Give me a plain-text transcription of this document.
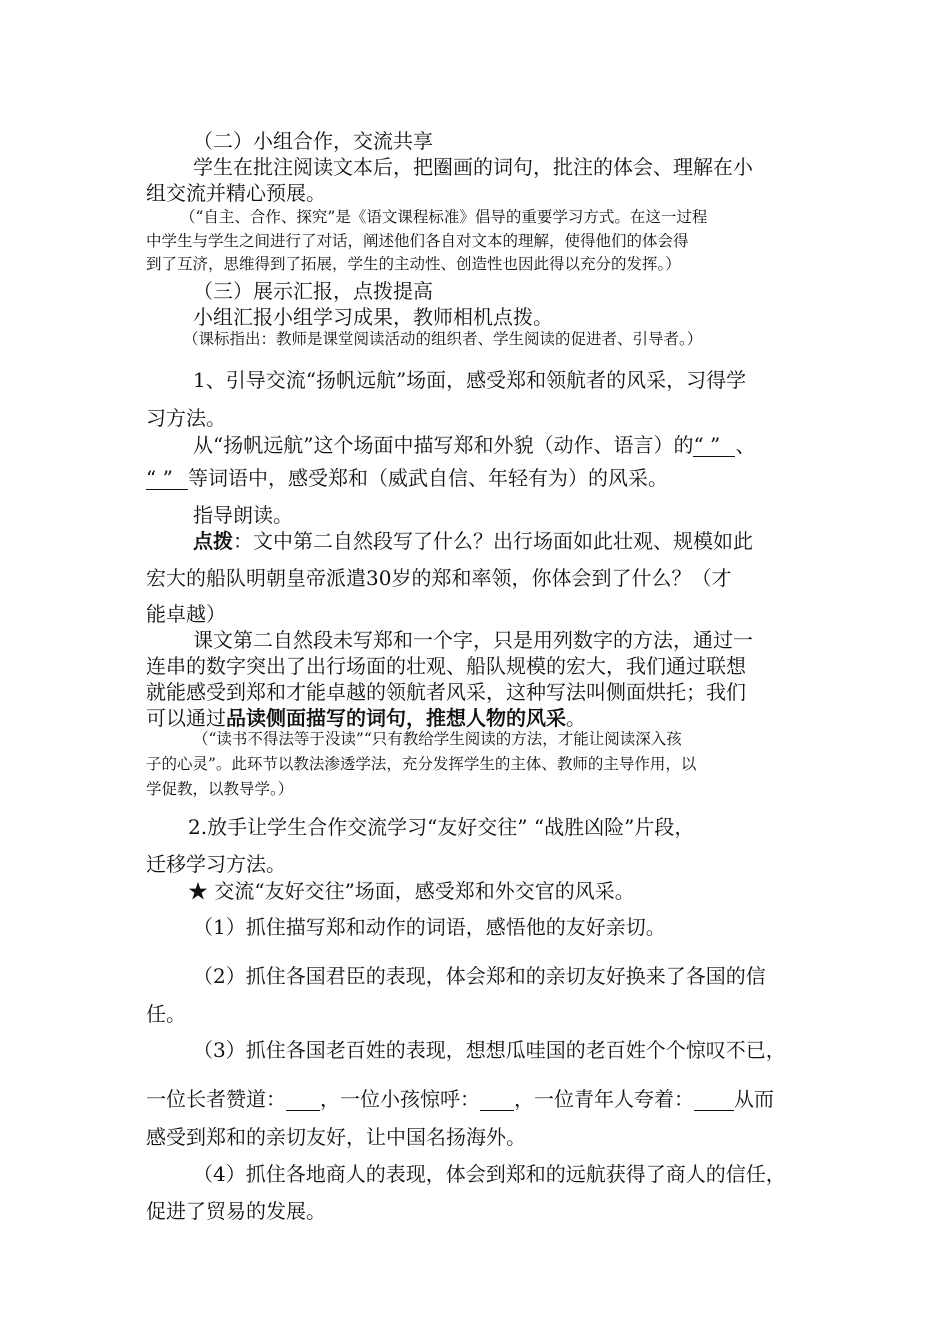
（二）小组合作，交流共享
学生在批注阅读文本后，把圈画的词句，批注的体会、理解在小
组交流并精心预展。
（“自主、合作、探究”是《语文课程标准》倡导的重要学习方式。在这一过程
中学生与学生之间进行了对话，阐述他们各自对文本的理解，使得他们的体会得
到了互济，思维得到了拓展，学生的主动性、创造性也因此得以充分的发挥。）
（三）展示汇报，点拨提高
小组汇报小组学习成果，教师相机点拨。
（课标指出：教师是课堂阅读活动的组织者、学生阅读的促进者、引导者。）
1、引导交流“扬帆远航”场面，感受郑和领航者的风采，习得学
习方法。
从“扬帆远航”这个场面中描写郑和外貌（动作、语言）的“ ” 、
“ ” 等词语中，感受郑和（威武自信、年轻有为）的风采。
指导朗读。
点拨：文中第二自然段写了什么？出行场面如此壮观、规模如此
宏大的船队明朝皇帝派遣30岁的郑和率领，你体会到了什么？（才
能卓越）
课文第二自然段未写郑和一个字，只是用列数字的方法，通过一
连串的数字突出了出行场面的壮观、船队规模的宏大，我们通过联想
就能感受到郑和才能卓越的领航者风采，这种写法叫侧面烘托；我们
可以通过品读侧面描写的词句，推想人物的风采。
（“读书不得法等于没读”“只有教给学生阅读的方法，才能让阅读深入孩
子的心灵”。此环节以教法渗透学法，充分发挥学生的主体、教师的主导作用，以
学促教，以教导学。）
2.放手让学生合作交流学习“友好交往” “战胜凶险”片段，
迁移学习方法。
★ 交流“友好交往”场面，感受郑和外交官的风采。
（1）抓住描写郑和动作的词语，感悟他的友好亲切。
（2）抓住各国君臣的表现，体会郑和的亲切友好换来了各国的信
任。
（3）抓住各国老百姓的表现，想想瓜哇国的老百姓个个惊叹不已，
一位长者赞道： ，一位小孩惊呼： ，一位青年人夸着： 从而
感受到郑和的亲切友好，让中国名扬海外。
（4）抓住各地商人的表现，体会到郑和的远航获得了商人的信任，
促进了贸易的发展。
